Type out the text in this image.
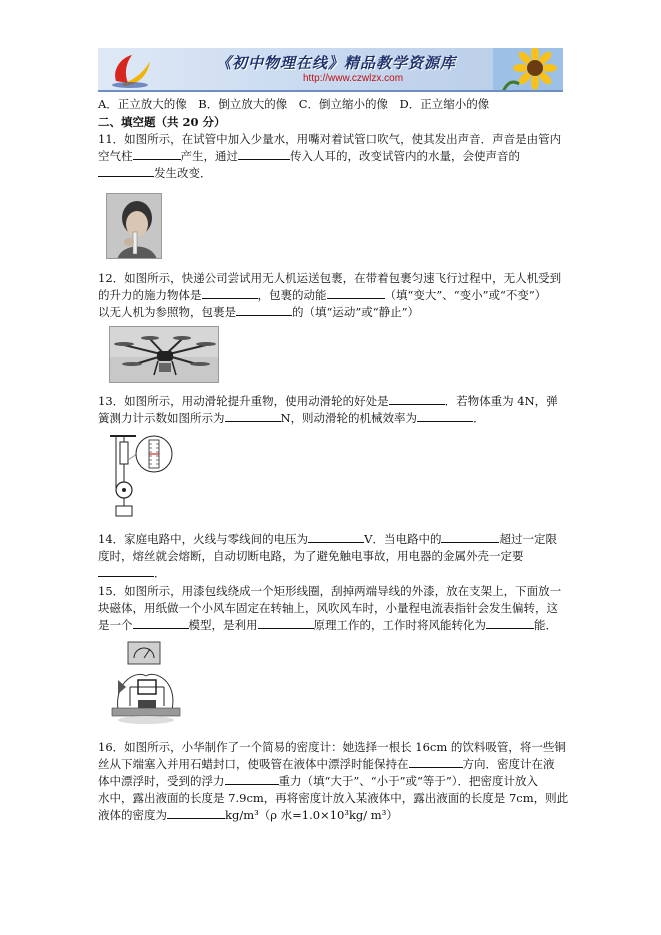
《初中物理在线》精品教学资源库
http://www.czwlzx.com
A．正立放大的像　B．倒立放大的像　C．倒立缩小的像　D．正立缩小的像
二、填空题（共 20 分）
11．如图所示，在试管中加入少量水，用嘴对着试管口吹气，使其发出声音．声音是由管内
空气柱	产生，通过	传入人耳的，改变试管内的水量，会使声音的
发生改变．
12．如图所示，快递公司尝试用无人机运送包裹，在带着包裹匀速飞行过程中，无人机受到
的升力的施力物体是	，包裹的动能	（填“变大”、“变小”或“不变”）
以无人机为参照物，包裹是	的（填“运动”或“静止”）
13．如图所示，用动滑轮提升重物，使用动滑轮的好处是	．若物体重为 4N，弹
簧测力计示数如图所示为	N，则动滑轮的机械效率为	．
14．家庭电路中，火线与零线间的电压为	V．当电路中的	超过一定限
度时，熔丝就会熔断，自动切断电路，为了避免触电事故，用电器的金属外壳一定要
．
15．如图所示，用漆包线绕成一个矩形线圈，刮掉两端导线的外漆，放在支架上，下面放一
块磁体，用纸做一个小风车固定在转轴上，风吹风车时，小量程电流表指针会发生偏转，这
是一个	模型，是利用	原理工作的，工作时将风能转化为	能．
16．如图所示，小华制作了一个简易的密度计：她选择一根长 16cm 的饮料吸管，将一些铜
丝从下端塞入并用石蜡封口，使吸管在液体中漂浮时能保持在	方向．密度计在液
体中漂浮时，受到的浮力	重力（填“大于”、“小于”或“等于”）．把密度计放入
水中，露出液面的长度是 7.9cm，再将密度计放入某液体中，露出液面的长度是 7cm，则此
液体的密度为	kg/m³（ρ 水=1.0×10³kg/ m³）
